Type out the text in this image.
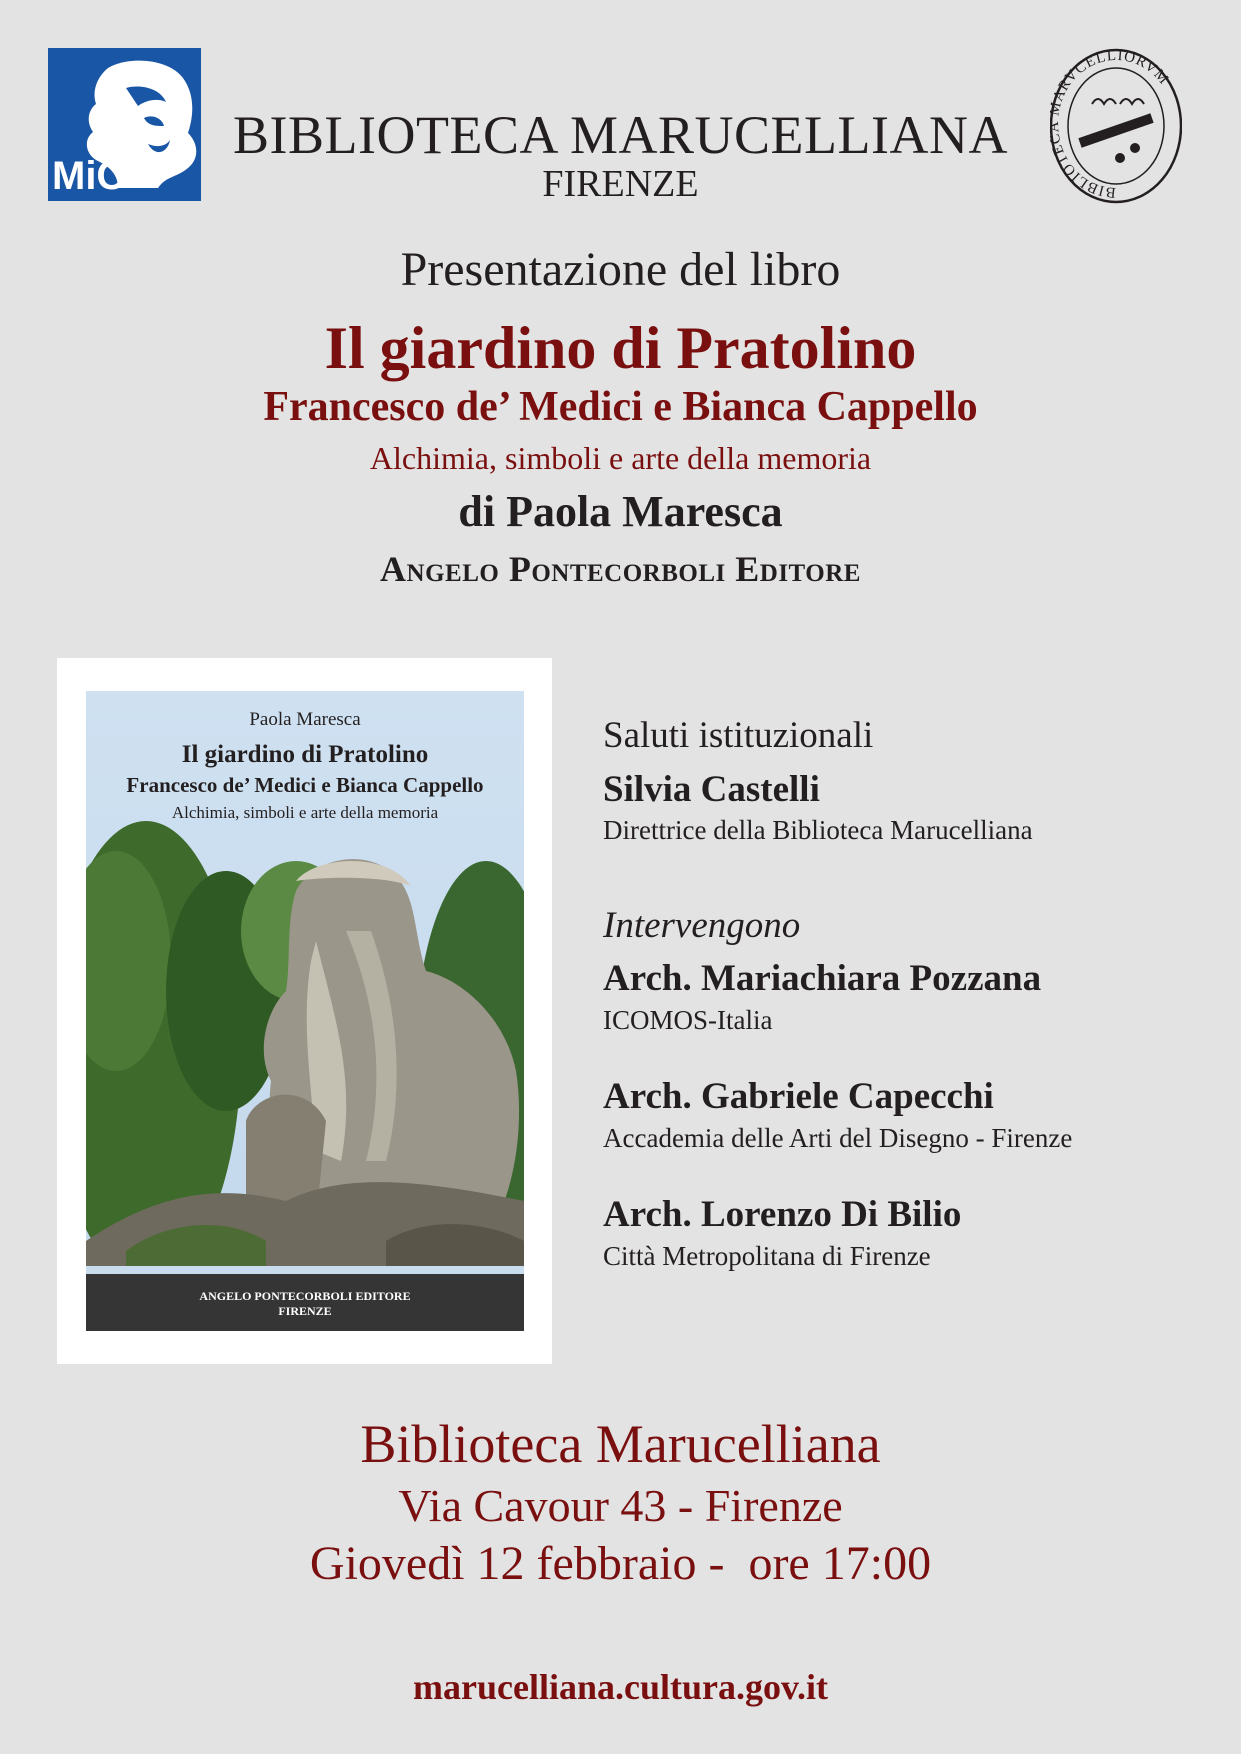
MiC	BIBLIOTE ARVCELLIORVM
BIBLIOTECA MARUCELLIANA
FIRENZE
Presentazione del libro
Il giardino di Pratolino
Francesco de’ Medici e Bianca Cappello
Alchimia, simboli e arte della memoria
di Paola Maresca
Angelo Pontecorboli Editore
Paola Maresca
Il giardino di Pratolino
Francesco de’ Medici e Bianca Cappello
Alchimia, simboli e arte della memoria
ANGELO PONTECORBOLI EDITORE
FIRENZE
Saluti istituzionali
Silvia Castelli
Direttrice della Biblioteca Marucelliana
Intervengono
Arch. Mariachiara Pozzana
ICOMOS-Italia
Arch. Gabriele Capecchi
Accademia delle Arti del Disegno - Firenze
Arch. Lorenzo Di Bilio
Città Metropolitana di Firenze
Biblioteca Marucelliana
Via Cavour 43 - Firenze
Giovedì 12 febbraio -  ore 17:00
marucelliana.cultura.gov.it
